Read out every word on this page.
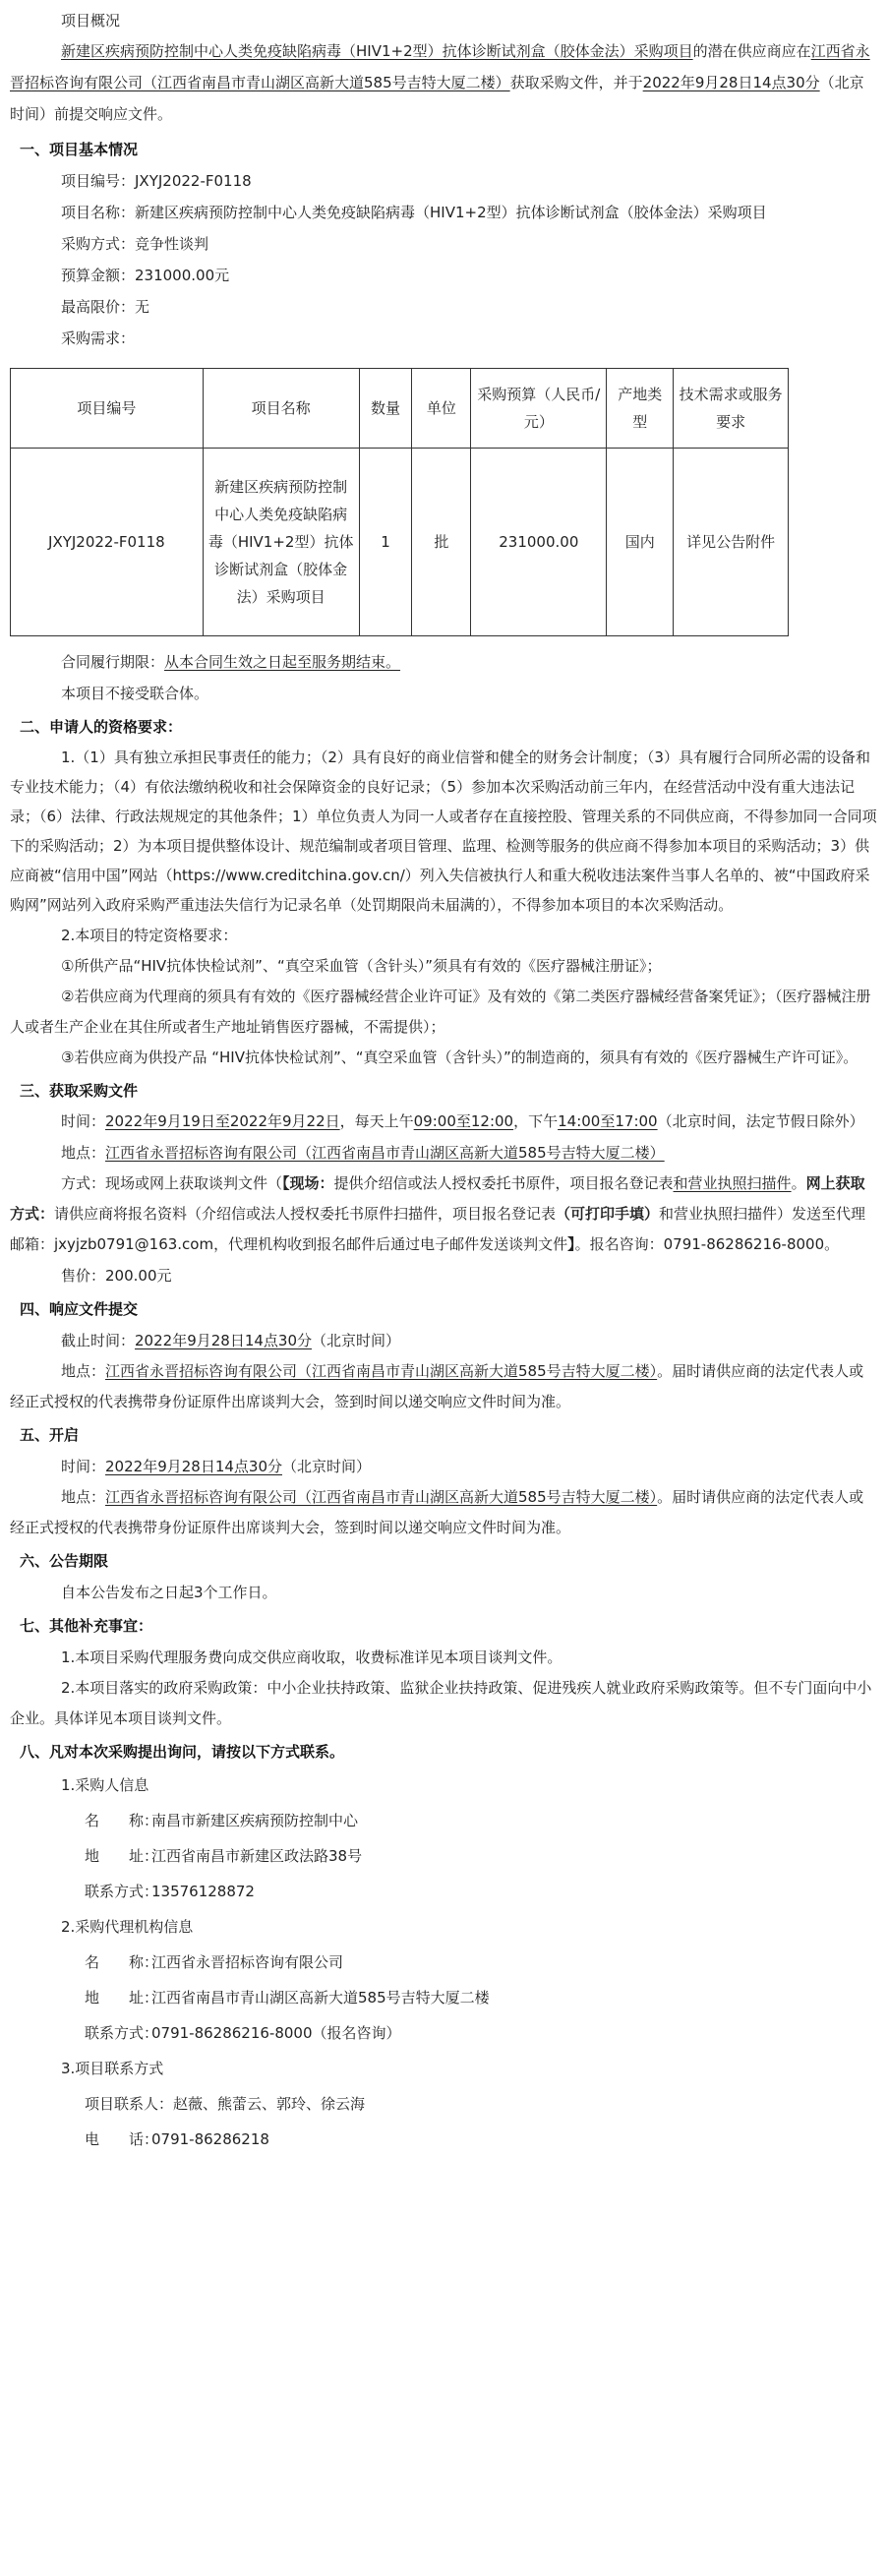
项目概况

新建区疾病预防控制中心人类免疫缺陷病毒（HIV1+2型）抗体诊断试剂盒（胶体金法）采购项目的潜在供应商应在江西省永晋招标咨询有限公司（江西省南昌市青山湖区高新大道585号吉特大厦二楼）获取采购文件，并于2022年9月28日14点30分（北京时间）前提交响应文件。

一、项目基本情况

项目编号：JXYJ2022-F0118

项目名称：新建区疾病预防控制中心人类免疫缺陷病毒（HIV1+2型）抗体诊断试剂盒（胶体金法）采购项目

采购方式：竞争性谈判

预算金额：231000.00元

最高限价：无

采购需求：

项目编号	项目名称	数量	单位	采购预算（人民币/元）	产地类型	技术需求或服务要求
JXYJ2022-F0118	新建区疾病预防控制中心人类免疫缺陷病毒（HIV1+2型）抗体诊断试剂盒（胶体金法）采购项目	1	批	231000.00	国内	详见公告附件

合同履行期限：从本合同生效之日起至服务期结束。

本项目不接受联合体。

二、申请人的资格要求：

1.（1）具有独立承担民事责任的能力；（2）具有良好的商业信誉和健全的财务会计制度；（3）具有履行合同所必需的设备和专业技术能力；（4）有依法缴纳税收和社会保障资金的良好记录；（5）参加本次采购活动前三年内，在经营活动中没有重大违法记录；（6）法律、行政法规规定的其他条件；1）单位负责人为同一人或者存在直接控股、管理关系的不同供应商，不得参加同一合同项下的采购活动；2）为本项目提供整体设计、规范编制或者项目管理、监理、检测等服务的供应商不得参加本项目的采购活动；3）供应商被“信用中国”网站（https://www.creditchina.gov.cn/）列入失信被执行人和重大税收违法案件当事人名单的、被“中国政府采购网”网站列入政府采购严重违法失信行为记录名单（处罚期限尚未届满的），不得参加本项目的本次采购活动。

2.本项目的特定资格要求：

①所供产品“HIV抗体快检试剂”、“真空采血管（含针头）”须具有有效的《医疗器械注册证》；

②若供应商为代理商的须具有有效的《医疗器械经营企业许可证》及有效的《第二类医疗器械经营备案凭证》；（医疗器械注册人或者生产企业在其住所或者生产地址销售医疗器械，不需提供）；

③若供应商为供投产品 “HIV抗体快检试剂”、“真空采血管（含针头）”的制造商的，须具有有效的《医疗器械生产许可证》。

三、获取采购文件

时间：2022年9月19日至2022年9月22日，每天上午09:00至12:00，下午14:00至17:00（北京时间，法定节假日除外）

地点：江西省永晋招标咨询有限公司（江西省南昌市青山湖区高新大道585号吉特大厦二楼）

方式：现场或网上获取谈判文件（【现场：提供介绍信或法人授权委托书原件，项目报名登记表和营业执照扫描件。网上获取方式：请供应商将报名资料（介绍信或法人授权委托书原件扫描件，项目报名登记表（可打印手填）和营业执照扫描件）发送至代理邮箱：jxyjzb0791@163.com，代理机构收到报名邮件后通过电子邮件发送谈判文件】。报名咨询：0791-86286216-8000。

售价：200.00元

四、响应文件提交

截止时间：2022年9月28日14点30分（北京时间）

地点：江西省永晋招标咨询有限公司（江西省南昌市青山湖区高新大道585号吉特大厦二楼）。届时请供应商的法定代表人或经正式授权的代表携带身份证原件出席谈判大会，签到时间以递交响应文件时间为准。

五、开启

时间：2022年9月28日14点30分（北京时间）

地点：江西省永晋招标咨询有限公司（江西省南昌市青山湖区高新大道585号吉特大厦二楼）。届时请供应商的法定代表人或经正式授权的代表携带身份证原件出席谈判大会，签到时间以递交响应文件时间为准。

六、公告期限

自本公告发布之日起3个工作日。

七、其他补充事宜：

1.本项目采购代理服务费向成交供应商收取，收费标准详见本项目谈判文件。

2.本项目落实的政府采购政策：中小企业扶持政策、监狱企业扶持政策、促进残疾人就业政府采购政策等。但不专门面向中小企业。具体详见本项目谈判文件。

八、凡对本次采购提出询问，请按以下方式联系。

1.采购人信息

名　　称：
南昌市新建区疾病预防控制中心
地　　址：
江西省南昌市新建区政法路38号
联系方式：
13576128872

2.采购代理机构信息

名　　称：
江西省永晋招标咨询有限公司
地　　址：
江西省南昌市青山湖区高新大道585号吉特大厦二楼
联系方式：
0791-86286216-8000（报名咨询）

3.项目联系方式

项目联系人： 赵薇、熊蕾云、郭玲、徐云海
电　　话：
0791-86286218
